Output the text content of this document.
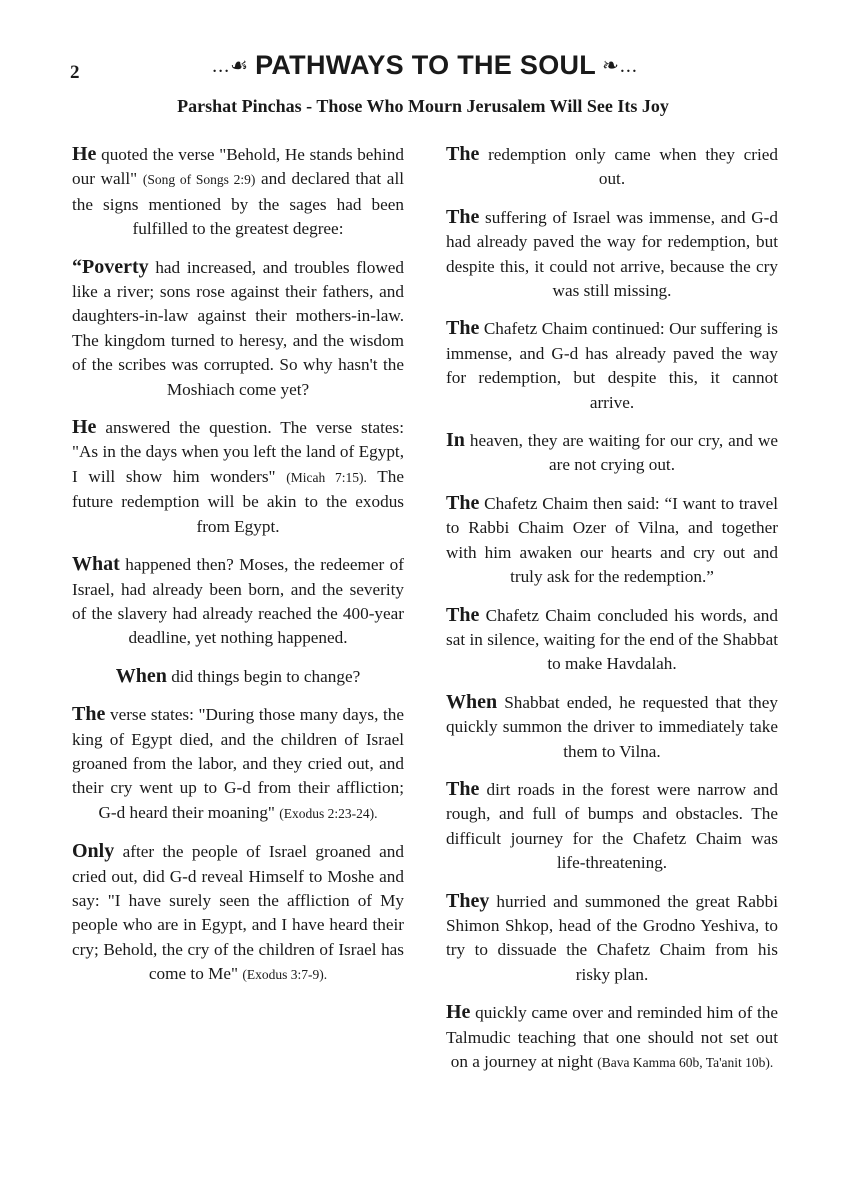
2	...☙ PATHWAYS TO THE SOUL ❧...
Parshat Pinchas - Those Who Mourn Jerusalem Will See Its Joy

He quoted the verse "Behold, He stands behind our wall" (Song of Songs 2:9) and declared that all the signs mentioned by the sages had been fulfilled to the greatest degree:

“Poverty had increased, and troubles flowed like a river; sons rose against their fathers, and daughters-in-law against their mothers-in-law. The kingdom turned to heresy, and the wisdom of the scribes was corrupted. So why hasn't the Moshiach come yet?

He answered the question. The verse states: "As in the days when you left the land of Egypt, I will show him wonders" (Micah 7:15). The future redemption will be akin to the exodus from Egypt.

What happened then? Moses, the redeemer of Israel, had already been born, and the severity of the slavery had already reached the 400-year deadline, yet nothing happened.

When did things begin to change?

The verse states: "During those many days, the king of Egypt died, and the children of Israel groaned from the labor, and they cried out, and their cry went up to G-d from their affliction; G-d heard their moaning" (Exodus 2:23-24).

Only after the people of Israel groaned and cried out, did G-d reveal Himself to Moshe and say: "I have surely seen the affliction of My people who are in Egypt, and I have heard their cry; Behold, the cry of the children of Israel has come to Me" (Exodus 3:7-9).

The redemption only came when they cried out.

The suffering of Israel was immense, and G-d had already paved the way for redemption, but despite this, it could not arrive, because the cry was still missing.

The Chafetz Chaim continued: Our suffering is immense, and G-d has already paved the way for redemption, but despite this, it cannot arrive.

In heaven, they are waiting for our cry, and we are not crying out.

The Chafetz Chaim then said: “I want to travel to Rabbi Chaim Ozer of Vilna, and together with him awaken our hearts and cry out and truly ask for the redemption.”

The Chafetz Chaim concluded his words, and sat in silence, waiting for the end of the Shabbat to make Havdalah.

When Shabbat ended, he requested that they quickly summon the driver to immediately take them to Vilna.

The dirt roads in the forest were narrow and rough, and full of bumps and obstacles. The difficult journey for the Chafetz Chaim was life-threatening.

They hurried and summoned the great Rabbi Shimon Shkop, head of the Grodno Yeshiva, to try to dissuade the Chafetz Chaim from his risky plan.

He quickly came over and reminded him of the Talmudic teaching that one should not set out on a journey at night (Bava Kamma 60b, Ta'anit 10b).
